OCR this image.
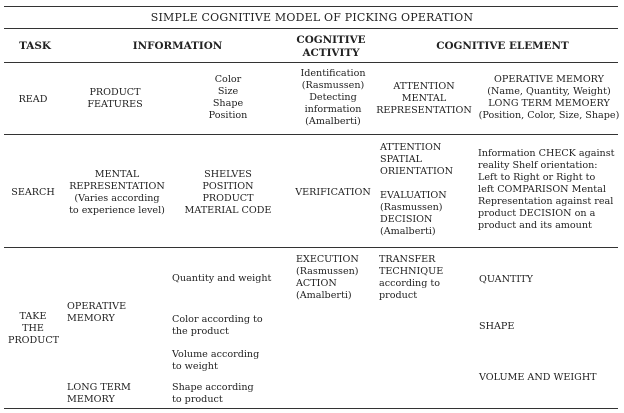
SIMPLE COGNITIVE MODEL OF PICKING OPERATION
TASK	INFORMATION	COGNITIVE
ACTIVITY
COGNITIVE ELEMENT
READ
PRODUCT
FEATURES
Color
Size
Shape
Position
Identification
(Rasmussen)
Detecting
information
(Amalberti)
ATTENTION
MENTAL
REPRESENTATION
OPERATIVE MEMORY
(Name, Quantity, Weight)
LONG TERM MEMOERY
(Position, Color, Size, Shape)
SEARCH
MENTAL
REPRESENTATION
(Varies according
to experience level)
SHELVES
POSITION
PRODUCT
MATERIAL CODE
VERIFICATION
ATTENTION
SPATIAL
ORIENTATION
EVALUATION
(Rasmussen)
DECISION
(Amalberti)
Information CHECK against
reality Shelf orientation:
Left to Right or Right to
left COMPARISON Mental
Representation against real
product DECISION on a
product and its amount
TAKE
THE
PRODUCT
OPERATIVE
MEMORY
LONG TERM
MEMORY
Quantity and weight
Color according to
the product
Volume according
to weight
Shape according
to product
EXECUTION
(Rasmussen)
ACTION
(Amalberti)
TRANSFER
TECHNIQUE
according to
product
QUANTITY
SHAPE
VOLUME AND WEIGHT
